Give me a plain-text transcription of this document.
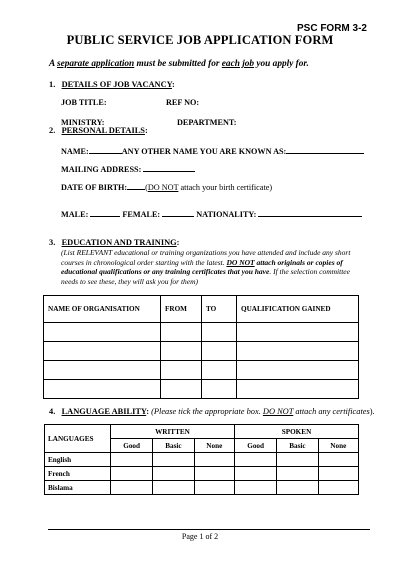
PSC FORM 3-2
PUBLIC SERVICE JOB APPLICATION FORM
A separate application must be submitted for each job you apply for.
1. DETAILS OF JOB VACANCY:
JOB TITLE:	REF NO:
MINISTRY:	DEPARTMENT:
2. PERSONAL DETAILS:
NAME:	ANY OTHER NAME YOU ARE KNOWN AS:
MAILING ADDRESS:
DATE OF BIRTH: (DO NOT attach your birth certificate)
MALE:	FEMALE:	NATIONALITY:
3. EDUCATION AND TRAINING:
(List RELEVANT educational or training organizations you have attended and include any short courses in chronological order starting with the latest. DO NOT attach originals or copies of educational qualifications or any training certificates that you have. If the selection committee needs to see these, they will ask you for them)
NAME OF ORGANISATION	FROM	TO	QUALIFICATION GAINED

4. LANGUAGE ABILITY: (Please tick the appropriate box. DO NOT attach any certificates).
LANGUAGES	WRITTEN			SPOKEN		
	Good	Basic	None	Good	Basic	None
English						
French						
Bislama						
Page 1 of 2
